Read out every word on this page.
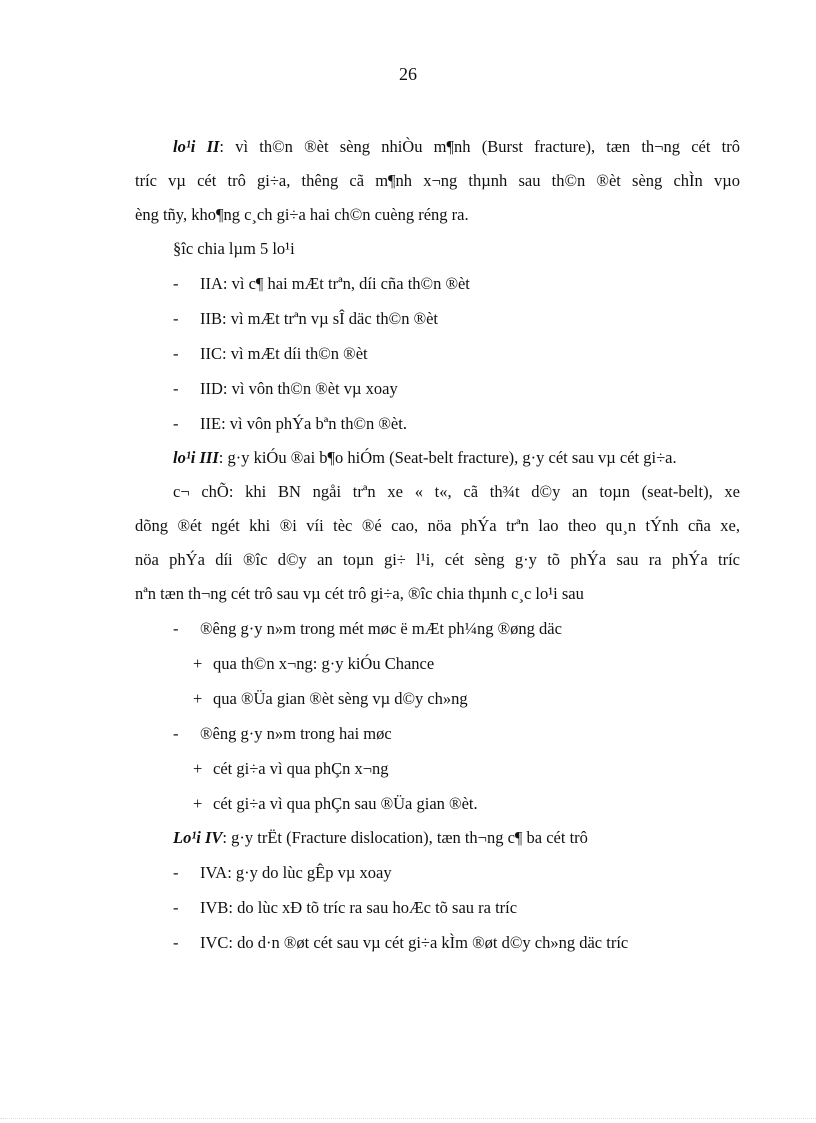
26

lo¹i II: vì th©n ®èt sèng nhiÒu m¶nh (Burst fracture), tæn th¬ng cét trô

tríc vµ cét trô gi÷a, thêng cã m¶nh x¬ng thµnh sau th©n ®èt sèng chÌn vµo

èng tñy, kho¶ng c¸ch gi÷a hai ch©n cuèng réng ra.

§îc chia lµm 5 lo¹i

- IIA: vì c¶ hai mÆt trªn, díi cña th©n ®èt
- IIB: vì mÆt trªn vµ sÎ däc th©n ®èt
- IIC: vì mÆt díi th©n ®èt
- IID: vì vôn th©n ®èt vµ xoay
- IIE: vì vôn phÝa bªn th©n ®èt.

lo¹i III: g·y kiÓu ®ai b¶o hiÓm (Seat-belt fracture), g·y cét sau vµ cét gi÷a.

c¬ chÕ: khi BN ngåi trªn xe « t«, cã th¾t d©y an toµn (seat-belt), xe

dõng ®ét ngét khi ®i víi tèc ®é cao, nöa phÝa trªn lao theo qu¸n tÝnh cña xe,

nöa phÝa díi ®îc d©y an toµn gi÷ l¹i, cét sèng g·y tõ phÝa sau ra phÝa tríc

nªn tæn th¬ng cét trô sau vµ cét trô gi÷a, ®îc chia thµnh c¸c lo¹i sau

- ®êng g·y n»m trong mét møc ë mÆt ph¼ng ®øng däc
+ qua th©n x¬ng: g·y kiÓu Chance
+ qua ®Üa gian ®èt sèng vµ d©y ch»ng
- ®êng g·y n»m trong hai møc
+ cét gi÷a vì qua phÇn x¬ng
+ cét gi÷a vì qua phÇn sau ®Üa gian ®èt.

Lo¹i IV: g·y trËt (Fracture dislocation), tæn th¬ng c¶ ba cét trô

- IVA: g·y do lùc gÊp vµ xoay
- IVB: do lùc xÐ tõ tríc ra sau hoÆc tõ sau ra tríc
- IVC: do d·n ®øt cét sau vµ cét gi÷a kÌm ®øt d©y ch»ng däc tríc
